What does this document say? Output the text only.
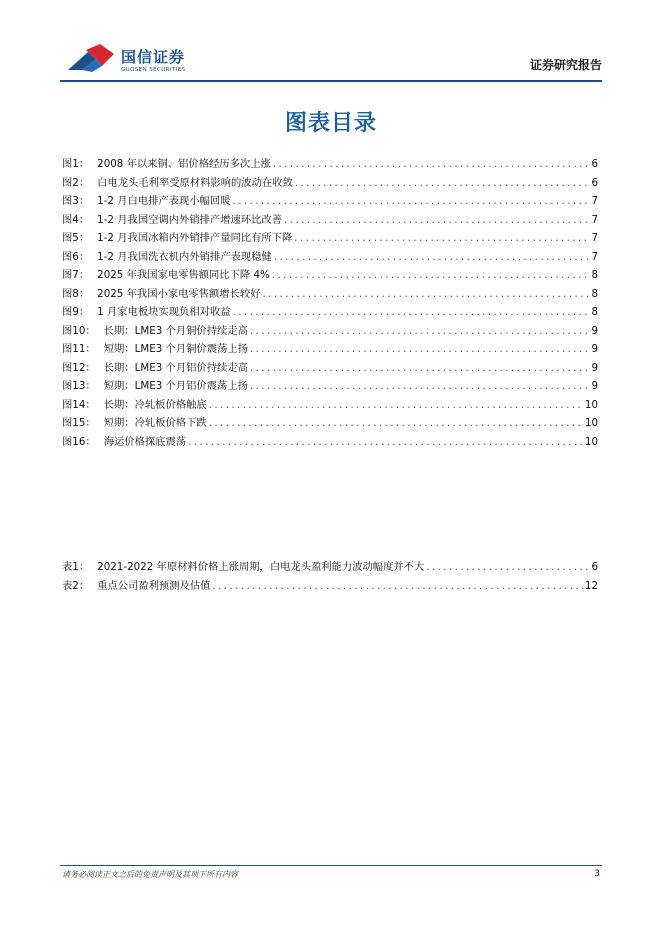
国信证券
GUOSEN SECURITIES	证券研究报告
图表目录
图1： 2008 年以来铜、铝价格经历多次上涨 .....	6
图2： 白电龙头毛利率受原材料影响的波动在收敛 .....	6
图3： 1-2 月白电排产表现小幅回暖 .....	7
图4： 1-2 月我国空调内外销排产增速环比改善 .....	7
图5： 1-2 月我国冰箱内外销排产量同比有所下降 .....	7
图6： 1-2 月我国洗衣机内外销排产表现稳健 .....	7
图7： 2025 年我国家电零售额同比下降 4% .....	8
图8： 2025 年我国小家电零售额增长较好 .....	8
图9： 1 月家电板块实现负相对收益 .....	8
图10： 长期：LME3 个月铜价持续走高 .....	9
图11： 短期：LME3 个月铜价震荡上扬 .....	9
图12： 长期：LME3 个月铝价持续走高 .....	9
图13： 短期：LME3 个月铝价震荡上扬 .....	9
图14： 长期：冷轧板价格触底 .....	10
图15： 短期：冷轧板价格下跌 .....	10
图16： 海运价格探底震荡 .....	10
表1： 2021-2022 年原材料价格上涨周期，白电龙头盈利能力波动幅度并不大 .....	6
表2： 重点公司盈利预测及估值 .....	12
请务必阅读正文之后的免责声明及其项下所有内容	3
